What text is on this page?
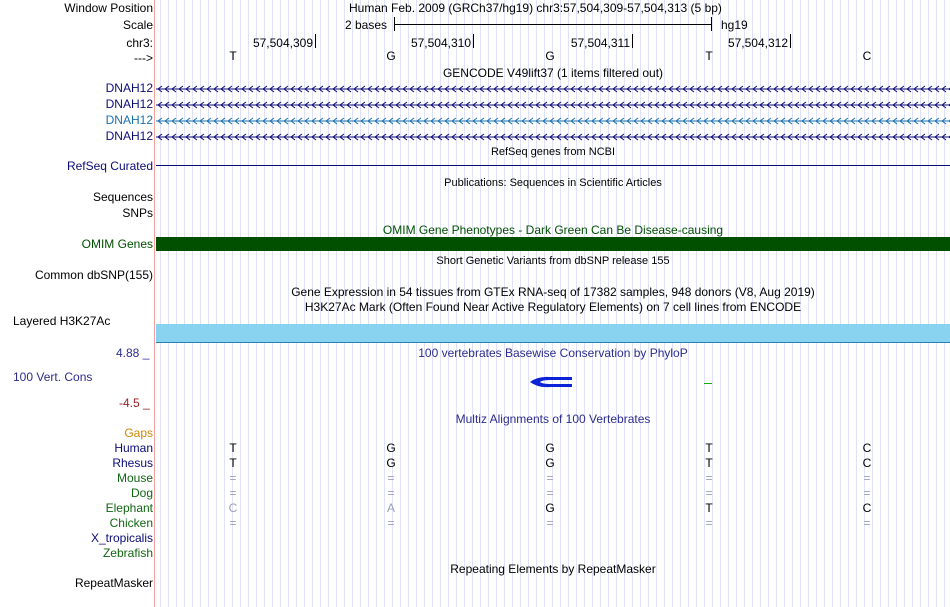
Window Position	Human Feb. 2009 (GRCh37/hg19) chr3:57,504,309-57,504,313 (5 bp)
Scale	2 bases	hg19
chr3:	57,504,309	57,504,310	57,504,311	57,504,312
--->	T	G	G	T	C
GENCODE V49lift37 (1 items filtered out)
DNAH12
DNAH12
DNAH12
DNAH12
RefSeq genes from NCBI
RefSeq Curated
Publications: Sequences in Scientific Articles
Sequences
SNPs
OMIM Gene Phenotypes - Dark Green Can Be Disease-causing
OMIM Genes
Short Genetic Variants from dbSNP release 155
Common dbSNP(155)
Gene Expression in 54 tissues from GTEx RNA-seq of 17382 samples, 948 donors (V8, Aug 2019)
H3K27Ac Mark (Often Found Near Active Regulatory Elements) on 7 cell lines from ENCODE
Layered H3K27Ac
4.88 _	100 vertebrates Basewise Conservation by PhyloP
100 Vert. Cons
-4.5 _
Multiz Alignments of 100 Vertebrates
Gaps
Human	T	G	G	T	C
Rhesus	T	G	G	T	C
Mouse	=	=	=	=	=
Dog	=	=	=	=	=
Elephant	C	A	G	T	C
Chicken	=	=	=	=	=
X_tropicalis
Zebrafish
Repeating Elements by RepeatMasker
RepeatMasker
